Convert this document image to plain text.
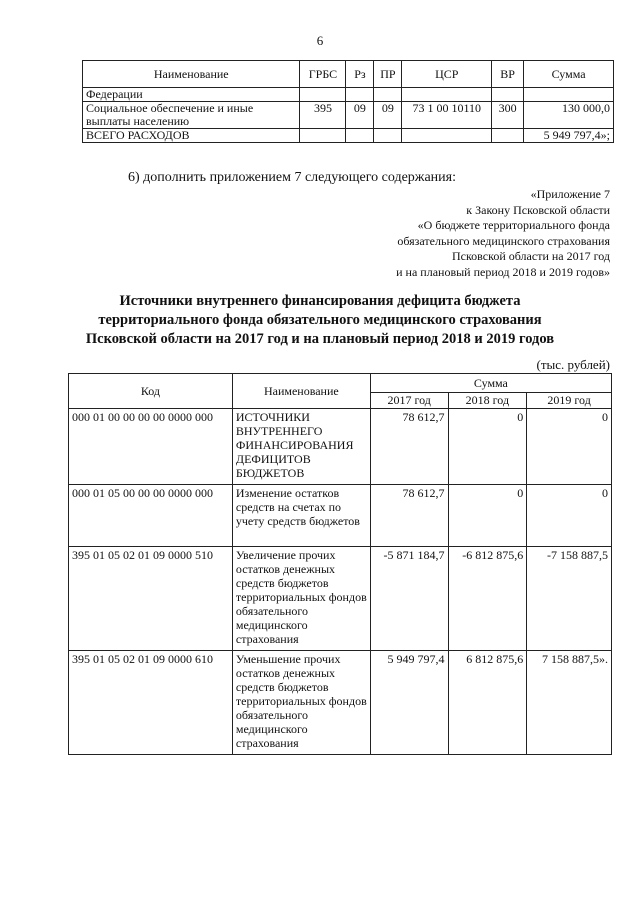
6
Наименование	ГРБС	Рз	ПР	ЦСР	ВР	Сумма
Федерации						
Социальное обеспечение и иные выплаты населению	395	09	09	73 1 00 10110	300	130 000,0
ВСЕГО РАСХОДОВ						5 949 797,4»;
6) дополнить приложением 7 следующего содержания:
«Приложение 7
к Закону Псковской области
«О бюджете территориального фонда
обязательного медицинского страхования
Псковской области на 2017 год
и на плановый период 2018 и 2019 годов»
Источники внутреннего финансирования дефицита бюджета
территориального фонда обязательного медицинского страхования
Псковской области на 2017 год и на плановый период 2018 и 2019 годов
(тыс. рублей)
Код	Наименование	Сумма		
		2017 год	2018 год	2019 год
000 01 00 00 00 00 0000 000	ИСТОЧНИКИ ВНУТРЕННЕГО ФИНАНСИРОВАНИЯ ДЕФИЦИТОВ БЮДЖЕТОВ	78 612,7	0	0
000 01 05 00 00 00 0000 000	Изменение остатков средств на счетах по учету средств бюджетов	78 612,7	0	0
395 01 05 02 01 09 0000 510	Увеличение прочих остатков денежных средств бюджетов территориальных фондов обязательного медицинского страхования	-5 871 184,7	-6 812 875,6	-7 158 887,5
395 01 05 02 01 09 0000 610	Уменьшение прочих остатков денежных средств бюджетов территориальных фондов обязательного медицинского страхования	5 949 797,4	6 812 875,6	7 158 887,5».
